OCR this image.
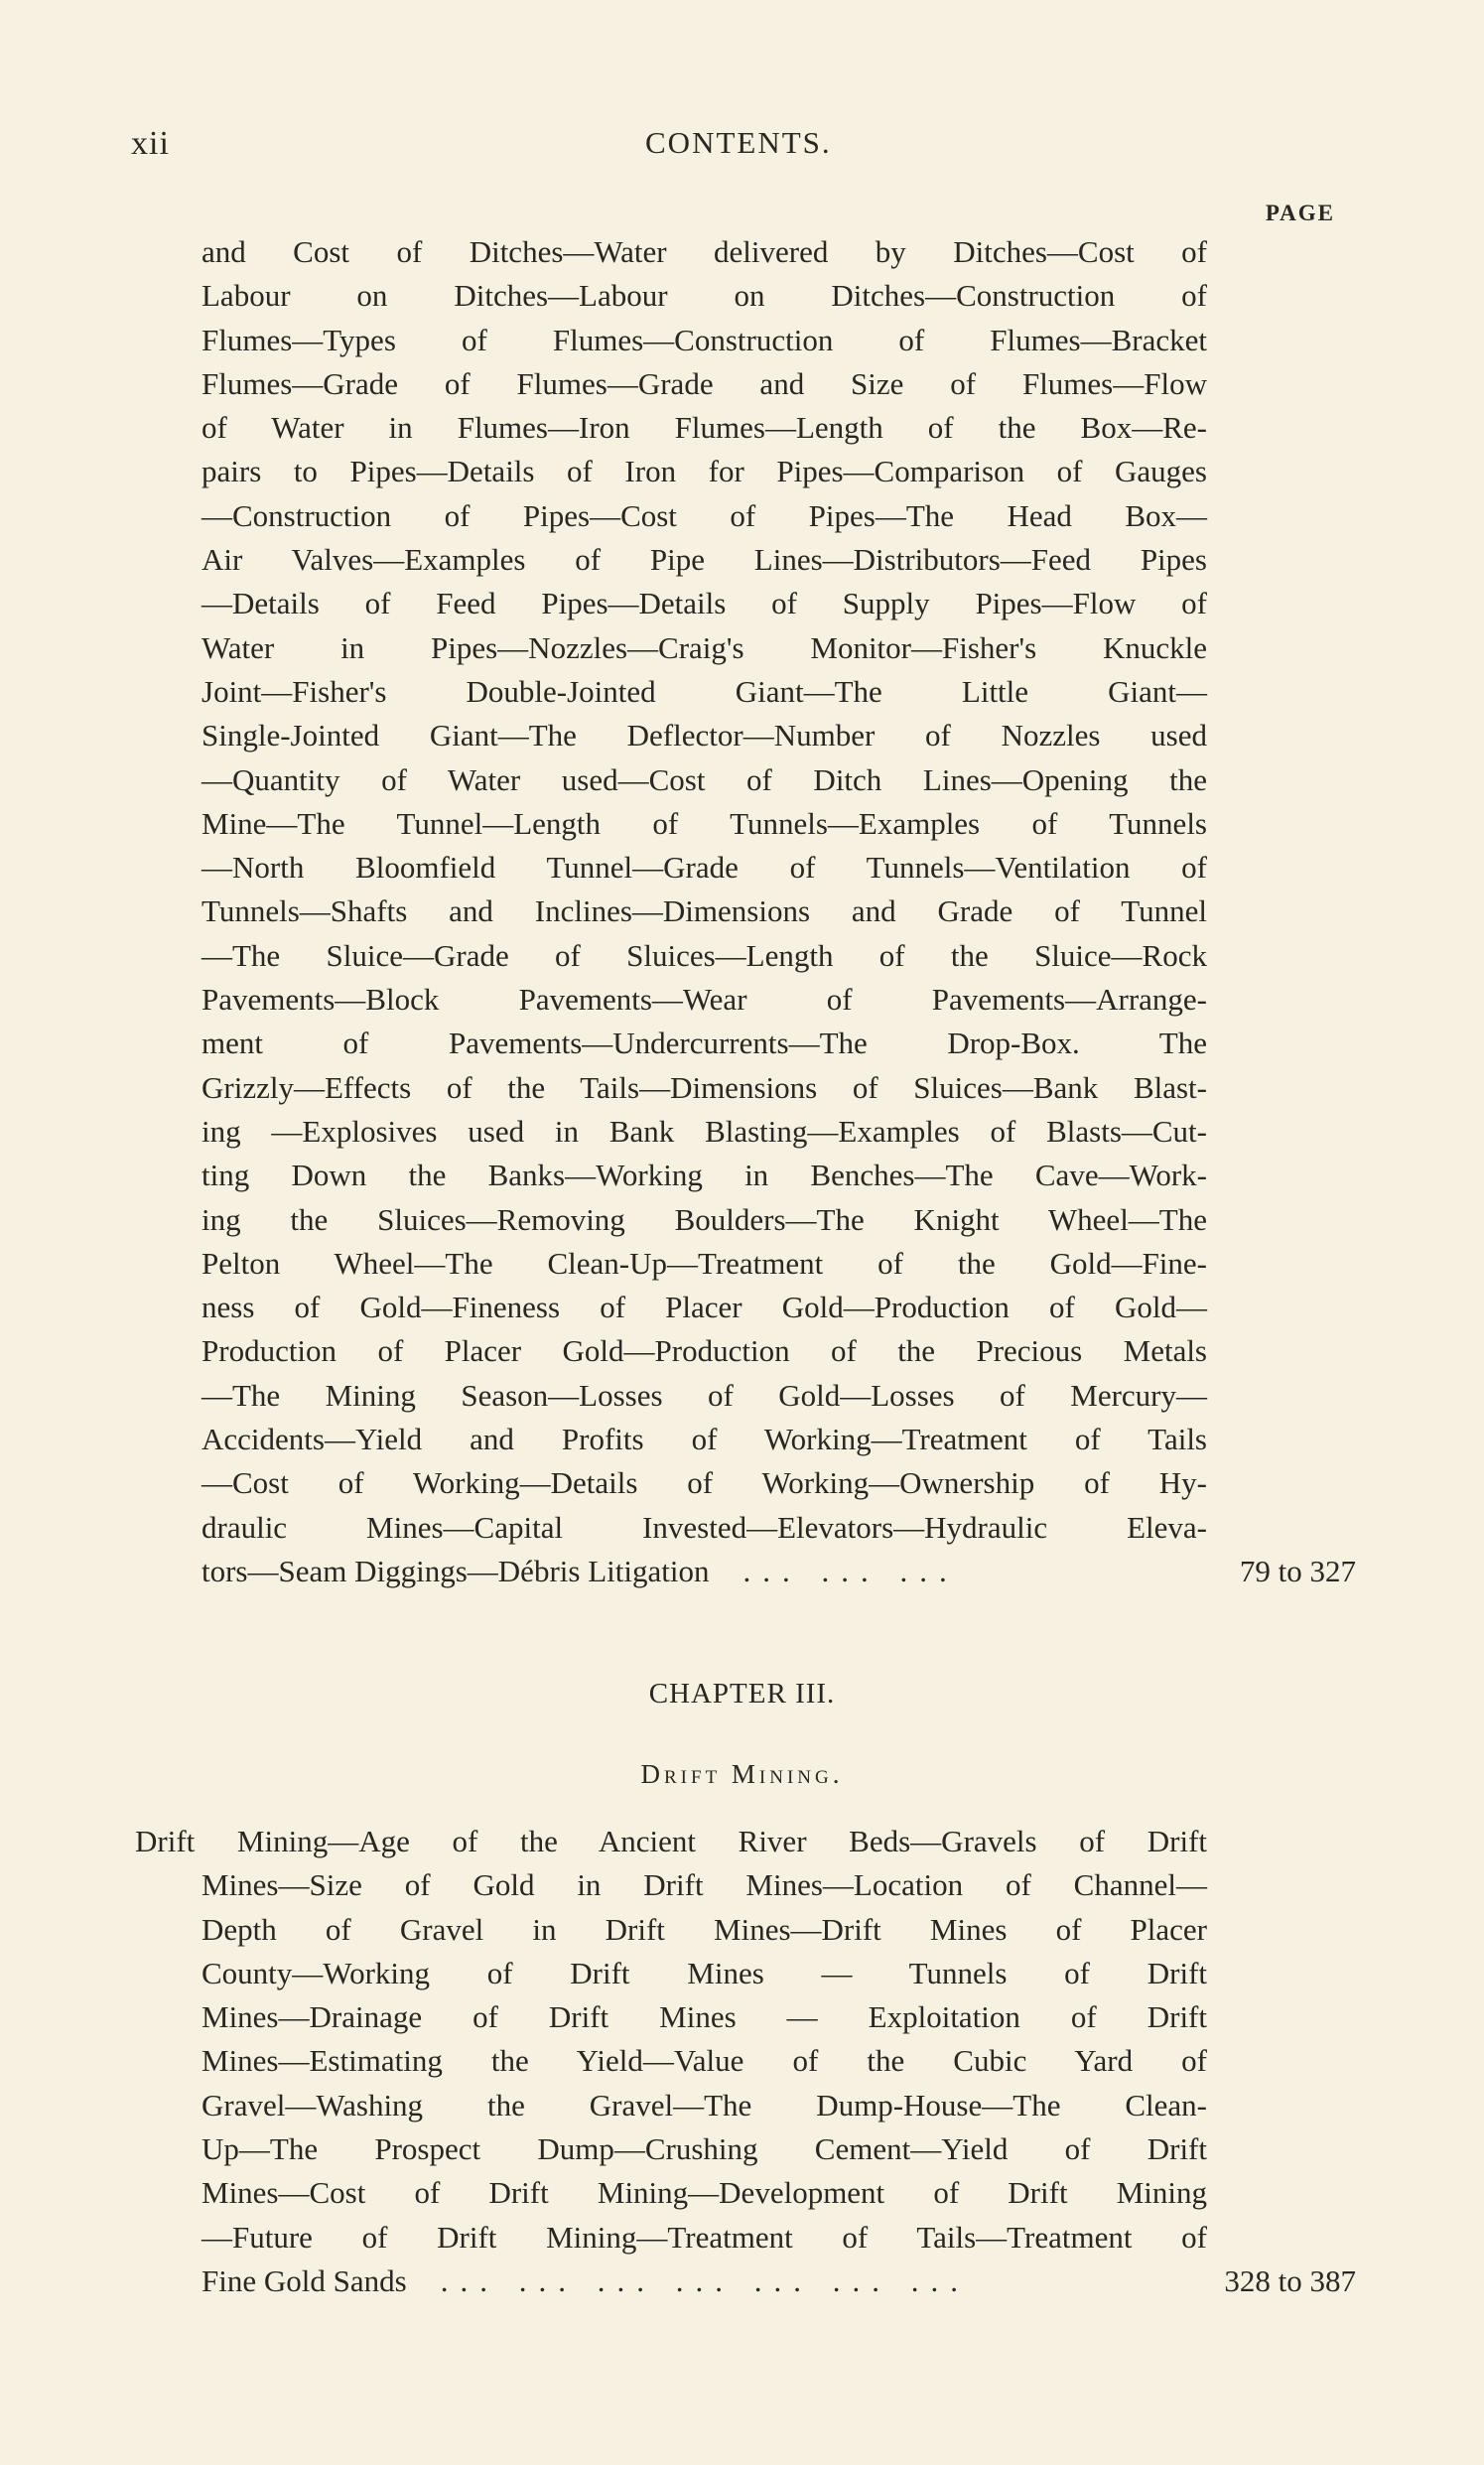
xii	CONTENTS.
PAGE
and Cost of Ditches—Water delivered by Ditches—Cost of
Labour on Ditches—Labour on Ditches—Construction of
Flumes—Types of Flumes—Construction of Flumes—Bracket
Flumes—Grade of Flumes—Grade and Size of Flumes—Flow
of Water in Flumes—Iron Flumes—Length of the Box—Re-
pairs to Pipes—Details of Iron for Pipes—Comparison of Gauges
—Construction of Pipes—Cost of Pipes—The Head Box—
Air Valves—Examples of Pipe Lines—Distributors—Feed Pipes
—Details of Feed Pipes—Details of Supply Pipes—Flow of
Water in Pipes—Nozzles—Craig's Monitor—Fisher's Knuckle
Joint—Fisher's Double-Jointed Giant—The Little Giant—
Single-Jointed Giant—The Deflector—Number of Nozzles used
—Quantity of Water used—Cost of Ditch Lines—Opening the
Mine—The Tunnel—Length of Tunnels—Examples of Tunnels
—North Bloomfield Tunnel—Grade of Tunnels—Ventilation of
Tunnels—Shafts and Inclines—Dimensions and Grade of Tunnel
—The Sluice—Grade of Sluices—Length of the Sluice—Rock
Pavements—Block Pavements—Wear of Pavements—Arrange-
ment of Pavements—Undercurrents—The Drop-Box. The
Grizzly—Effects of the Tails—Dimensions of Sluices—Bank Blast-
ing —Explosives used in Bank Blasting—Examples of Blasts—Cut-
ting Down the Banks—Working in Benches—The Cave—Work-
ing the Sluices—Removing Boulders—The Knight Wheel—The
Pelton Wheel—The Clean-Up—Treatment of the Gold—Fine-
ness of Gold—Fineness of Placer Gold—Production of Gold—
Production of Placer Gold—Production of the Precious Metals
—The Mining Season—Losses of Gold—Losses of Mercury—
Accidents—Yield and Profits of Working—Treatment of Tails
—Cost of Working—Details of Working—Ownership of Hy-
draulic Mines—Capital Invested—Elevators—Hydraulic Eleva-
tors—Seam Diggings—Débris Litigation ... ... ...	79 to 327
CHAPTER III.
Drift Mining.
Drift Mining—Age of the Ancient River Beds—Gravels of Drift
Mines—Size of Gold in Drift Mines—Location of Channel—
Depth of Gravel in Drift Mines—Drift Mines of Placer
County—Working of Drift Mines — Tunnels of Drift
Mines—Drainage of Drift Mines — Exploitation of Drift
Mines—Estimating the Yield—Value of the Cubic Yard of
Gravel—Washing the Gravel—The Dump-House—The Clean-
Up—The Prospect Dump—Crushing Cement—Yield of Drift
Mines—Cost of Drift Mining—Development of Drift Mining
—Future of Drift Mining—Treatment of Tails—Treatment of
Fine Gold Sands ... ... ... ... ... ... ...	328 to 387
